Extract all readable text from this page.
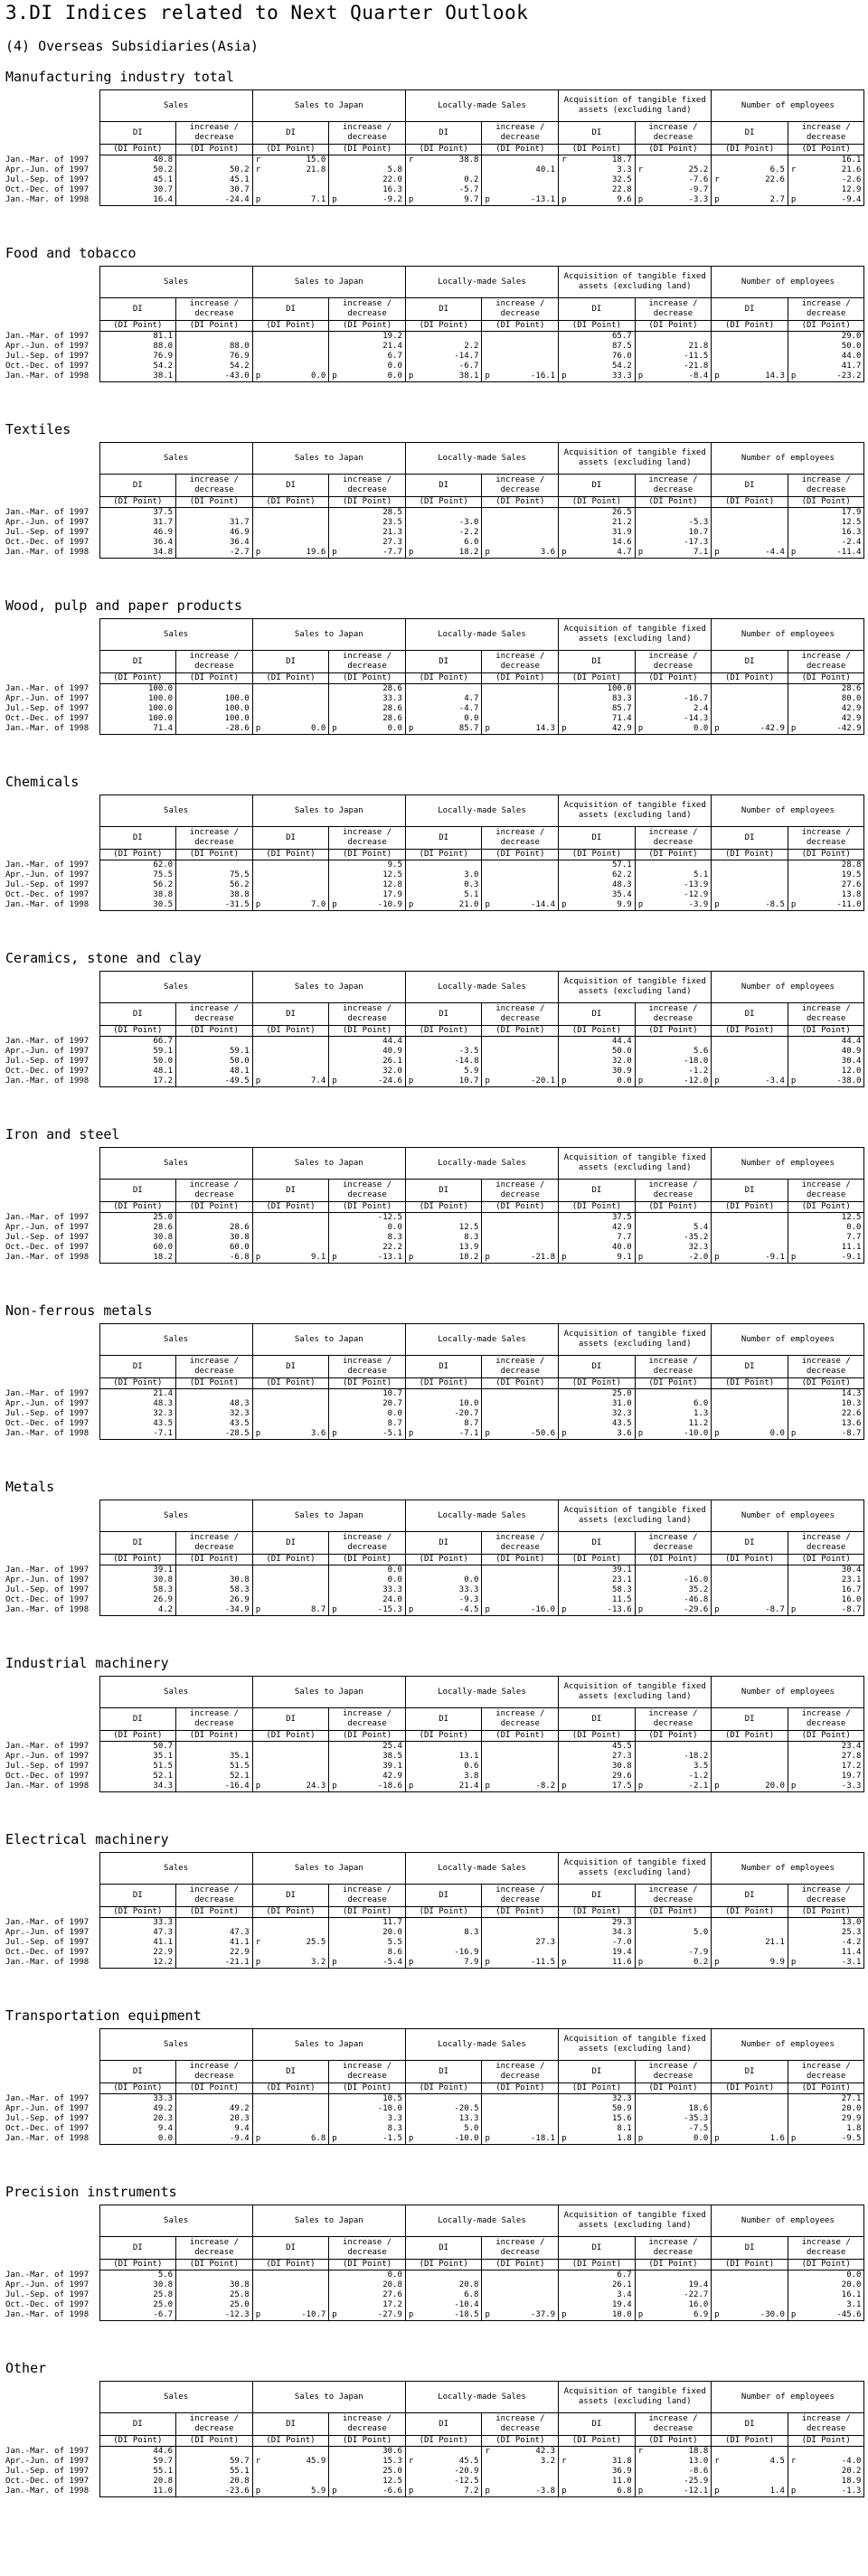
3.DI Indices related to Next Quarter Outlook
(4) Overseas Subsidiaries(Asia)
Manufacturing industry total
	Sales		Sales to Japan		Locally-made Sales		Acquisition of tangible fixed assets (excluding land)		Number of employees	
	DI	increase / decrease	DI	increase / decrease	DI	increase / decrease	DI	increase / decrease	DI	increase / decrease
	(DI Point)	(DI Point)	(DI Point)	(DI Point)	(DI Point)	(DI Point)	(DI Point)	(DI Point)	(DI Point)	(DI Point)
Jan.-Mar. of 1997	40.8		r 15.0		r 38.8		r 18.7			16.1
Apr.-Jun. of 1997	50.2	50.2	r 21.8	5.8		40.1	3.3	r 25.2	6.5	r 21.6
Jul.-Sep. of 1997	45.1	45.1		22.0	0.2		32.5	-7.6	r 22.6	-2.6
Oct.-Dec. of 1997	30.7	30.7		16.3	-5.7		22.8	-9.7		12.9
Jan.-Mar. of 1998	16.4	-24.4	p 7.1	p -9.2	p 9.7	p -13.1	p 9.6	p -3.3	p 2.7	p -9.4
Food and tobacco
	Sales		Sales to Japan		Locally-made Sales		Acquisition of tangible fixed assets (excluding land)		Number of employees	
	DI	increase / decrease	DI	increase / decrease	DI	increase / decrease	DI	increase / decrease	DI	increase / decrease
	(DI Point)	(DI Point)	(DI Point)	(DI Point)	(DI Point)	(DI Point)	(DI Point)	(DI Point)	(DI Point)	(DI Point)
Jan.-Mar. of 1997	81.1			19.2			65.7			29.0
Apr.-Jun. of 1997	88.0	88.0		21.4	2.2		87.5	21.8		50.0
Jul.-Sep. of 1997	76.9	76.9		6.7	-14.7		76.0	-11.5		44.0
Oct.-Dec. of 1997	54.2	54.2		0.0	-6.7		54.2	-21.8		41.7
Jan.-Mar. of 1998	38.1	-43.0	p 0.0	p 0.0	p 38.1	p -16.1	p 33.3	p -8.4	p 14.3	p -23.2
Textiles
	Sales		Sales to Japan		Locally-made Sales		Acquisition of tangible fixed assets (excluding land)		Number of employees	
	DI	increase / decrease	DI	increase / decrease	DI	increase / decrease	DI	increase / decrease	DI	increase / decrease
	(DI Point)	(DI Point)	(DI Point)	(DI Point)	(DI Point)	(DI Point)	(DI Point)	(DI Point)	(DI Point)	(DI Point)
Jan.-Mar. of 1997	37.5			28.5			26.5			17.9
Apr.-Jun. of 1997	31.7	31.7		23.5	-3.0		21.2	-5.3		12.5
Jul.-Sep. of 1997	46.9	46.9		21.3	-2.2		31.9	10.7		16.3
Oct.-Dec. of 1997	36.4	36.4		27.3	6.0		14.6	-17.3		-2.4
Jan.-Mar. of 1998	34.8	-2.7	p 19.6	p -7.7	p 18.2	p 3.6	p 4.7	p 7.1	p -4.4	p -11.4
Wood, pulp and paper products
	Sales		Sales to Japan		Locally-made Sales		Acquisition of tangible fixed assets (excluding land)		Number of employees	
	DI	increase / decrease	DI	increase / decrease	DI	increase / decrease	DI	increase / decrease	DI	increase / decrease
	(DI Point)	(DI Point)	(DI Point)	(DI Point)	(DI Point)	(DI Point)	(DI Point)	(DI Point)	(DI Point)	(DI Point)
Jan.-Mar. of 1997	100.0			28.6			100.0			28.6
Apr.-Jun. of 1997	100.0	100.0		33.3	4.7		83.3	-16.7		80.0
Jul.-Sep. of 1997	100.0	100.0		28.6	-4.7		85.7	2.4		42.9
Oct.-Dec. of 1997	100.0	100.0		28.6	0.0		71.4	-14.3		42.9
Jan.-Mar. of 1998	71.4	-28.6	p 0.0	p 0.0	p 85.7	p 14.3	p 42.9	p 0.0	p -42.9	p -42.9
Chemicals
	Sales		Sales to Japan		Locally-made Sales		Acquisition of tangible fixed assets (excluding land)		Number of employees	
	DI	increase / decrease	DI	increase / decrease	DI	increase / decrease	DI	increase / decrease	DI	increase / decrease
	(DI Point)	(DI Point)	(DI Point)	(DI Point)	(DI Point)	(DI Point)	(DI Point)	(DI Point)	(DI Point)	(DI Point)
Jan.-Mar. of 1997	62.0			9.5			57.1			28.8
Apr.-Jun. of 1997	75.5	75.5		12.5	3.0		62.2	5.1		19.5
Jul.-Sep. of 1997	56.2	56.2		12.8	0.3		48.3	-13.9		27.6
Oct.-Dec. of 1997	38.8	38.8		17.9	5.1		35.4	-12.9		13.8
Jan.-Mar. of 1998	30.5	-31.5	p 7.0	p -10.9	p 21.0	p -14.4	p 9.9	p -3.9	p -8.5	p -11.0
Ceramics, stone and clay
	Sales		Sales to Japan		Locally-made Sales		Acquisition of tangible fixed assets (excluding land)		Number of employees	
	DI	increase / decrease	DI	increase / decrease	DI	increase / decrease	DI	increase / decrease	DI	increase / decrease
	(DI Point)	(DI Point)	(DI Point)	(DI Point)	(DI Point)	(DI Point)	(DI Point)	(DI Point)	(DI Point)	(DI Point)
Jan.-Mar. of 1997	66.7			44.4			44.4			44.4
Apr.-Jun. of 1997	59.1	59.1		40.9	-3.5		50.0	5.6		40.9
Jul.-Sep. of 1997	50.0	50.0		26.1	-14.8		32.0	-18.0		30.4
Oct.-Dec. of 1997	48.1	48.1		32.0	5.9		30.9	-1.2		12.0
Jan.-Mar. of 1998	17.2	-49.5	p 7.4	p -24.6	p 10.7	p -20.1	p 0.0	p -12.0	p -3.4	p -38.0
Iron and steel
	Sales		Sales to Japan		Locally-made Sales		Acquisition of tangible fixed assets (excluding land)		Number of employees	
	DI	increase / decrease	DI	increase / decrease	DI	increase / decrease	DI	increase / decrease	DI	increase / decrease
	(DI Point)	(DI Point)	(DI Point)	(DI Point)	(DI Point)	(DI Point)	(DI Point)	(DI Point)	(DI Point)	(DI Point)
Jan.-Mar. of 1997	25.0			-12.5			37.5			12.5
Apr.-Jun. of 1997	28.6	28.6		0.0	12.5		42.9	5.4		0.0
Jul.-Sep. of 1997	30.8	30.8		8.3	8.3		7.7	-35.2		7.7
Oct.-Dec. of 1997	60.0	60.0		22.2	13.9		40.0	32.3		11.1
Jan.-Mar. of 1998	18.2	-6.8	p 9.1	p -13.1	p 18.2	p -21.8	p 9.1	p -2.0	p -9.1	p -9.1
Non-ferrous metals
	Sales		Sales to Japan		Locally-made Sales		Acquisition of tangible fixed assets (excluding land)		Number of employees	
	DI	increase / decrease	DI	increase / decrease	DI	increase / decrease	DI	increase / decrease	DI	increase / decrease
	(DI Point)	(DI Point)	(DI Point)	(DI Point)	(DI Point)	(DI Point)	(DI Point)	(DI Point)	(DI Point)	(DI Point)
Jan.-Mar. of 1997	21.4			10.7			25.0			14.3
Apr.-Jun. of 1997	48.3	48.3		20.7	10.0		31.0	6.0		10.3
Jul.-Sep. of 1997	32.3	32.3		0.0	-20.7		32.3	1.3		22.6
Oct.-Dec. of 1997	43.5	43.5		8.7	8.7		43.5	11.2		13.6
Jan.-Mar. of 1998	-7.1	-28.5	p 3.6	p -5.1	p -7.1	p -50.6	p 3.6	p -10.0	p 0.0	p -8.7
Metals
	Sales		Sales to Japan		Locally-made Sales		Acquisition of tangible fixed assets (excluding land)		Number of employees	
	DI	increase / decrease	DI	increase / decrease	DI	increase / decrease	DI	increase / decrease	DI	increase / decrease
	(DI Point)	(DI Point)	(DI Point)	(DI Point)	(DI Point)	(DI Point)	(DI Point)	(DI Point)	(DI Point)	(DI Point)
Jan.-Mar. of 1997	39.1			0.0			39.1			30.4
Apr.-Jun. of 1997	30.8	30.8		0.0	0.0		23.1	-16.0		23.1
Jul.-Sep. of 1997	58.3	58.3		33.3	33.3		58.3	35.2		16.7
Oct.-Dec. of 1997	26.9	26.9		24.0	-9.3		11.5	-46.8		16.0
Jan.-Mar. of 1998	4.2	-34.9	p 8.7	p -15.3	p -4.5	p -16.0	p -13.6	p -29.6	p -8.7	p -8.7
Industrial machinery
	Sales		Sales to Japan		Locally-made Sales		Acquisition of tangible fixed assets (excluding land)		Number of employees	
	DI	increase / decrease	DI	increase / decrease	DI	increase / decrease	DI	increase / decrease	DI	increase / decrease
	(DI Point)	(DI Point)	(DI Point)	(DI Point)	(DI Point)	(DI Point)	(DI Point)	(DI Point)	(DI Point)	(DI Point)
Jan.-Mar. of 1997	50.7			25.4			45.5			23.4
Apr.-Jun. of 1997	35.1	35.1		38.5	13.1		27.3	-18.2		27.8
Jul.-Sep. of 1997	51.5	51.5		39.1	0.6		30.8	3.5		17.2
Oct.-Dec. of 1997	52.1	52.1		42.9	3.8		29.6	-1.2		19.7
Jan.-Mar. of 1998	34.3	-16.4	p 24.3	p -18.6	p 21.4	p -8.2	p 17.5	p -2.1	p 20.0	p -3.3
Electrical machinery
	Sales		Sales to Japan		Locally-made Sales		Acquisition of tangible fixed assets (excluding land)		Number of employees	
	DI	increase / decrease	DI	increase / decrease	DI	increase / decrease	DI	increase / decrease	DI	increase / decrease
	(DI Point)	(DI Point)	(DI Point)	(DI Point)	(DI Point)	(DI Point)	(DI Point)	(DI Point)	(DI Point)	(DI Point)
Jan.-Mar. of 1997	33.3			11.7			29.3			13.0
Apr.-Jun. of 1997	47.3	47.3		20.0	8.3		34.3	5.0		25.3
Jul.-Sep. of 1997	41.1	41.1	r 25.5	5.5		27.3	-7.0		21.1	-4.2
Oct.-Dec. of 1997	22.9	22.9		8.6	-16.9		19.4	-7.9		11.4
Jan.-Mar. of 1998	12.2	-21.1	p 3.2	p -5.4	p 7.9	p -11.5	p 11.6	p 0.2	p 9.9	p -3.1
Transportation equipment
	Sales		Sales to Japan		Locally-made Sales		Acquisition of tangible fixed assets (excluding land)		Number of employees	
	DI	increase / decrease	DI	increase / decrease	DI	increase / decrease	DI	increase / decrease	DI	increase / decrease
	(DI Point)	(DI Point)	(DI Point)	(DI Point)	(DI Point)	(DI Point)	(DI Point)	(DI Point)	(DI Point)	(DI Point)
Jan.-Mar. of 1997	33.3			10.5			32.3			27.1
Apr.-Jun. of 1997	49.2	49.2		-10.0	-20.5		50.9	18.6		20.0
Jul.-Sep. of 1997	20.3	20.3		3.3	13.3		15.6	-35.3		29.9
Oct.-Dec. of 1997	9.4	9.4		8.3	5.0		8.1	-7.5		1.8
Jan.-Mar. of 1998	0.0	-9.4	p 6.8	p -1.5	p -10.0	p -18.1	p 1.8	p 0.0	p 1.6	p -9.5
Precision instruments
	Sales		Sales to Japan		Locally-made Sales		Acquisition of tangible fixed assets (excluding land)		Number of employees	
	DI	increase / decrease	DI	increase / decrease	DI	increase / decrease	DI	increase / decrease	DI	increase / decrease
	(DI Point)	(DI Point)	(DI Point)	(DI Point)	(DI Point)	(DI Point)	(DI Point)	(DI Point)	(DI Point)	(DI Point)
Jan.-Mar. of 1997	5.6			0.0			6.7			0.0
Apr.-Jun. of 1997	30.8	30.8		20.8	20.8		26.1	19.4		20.0
Jul.-Sep. of 1997	25.8	25.8		27.6	6.8		3.4	-22.7		16.1
Oct.-Dec. of 1997	25.0	25.0		17.2	-10.4		19.4	16.0		3.1
Jan.-Mar. of 1998	-6.7	-12.3	p -10.7	p -27.9	p -18.5	p -37.9	p 10.0	p 6.9	p -30.0	p -45.6
Other
	Sales		Sales to Japan		Locally-made Sales		Acquisition of tangible fixed assets (excluding land)		Number of employees	
	DI	increase / decrease	DI	increase / decrease	DI	increase / decrease	DI	increase / decrease	DI	increase / decrease
	(DI Point)	(DI Point)	(DI Point)	(DI Point)	(DI Point)	(DI Point)	(DI Point)	(DI Point)	(DI Point)	(DI Point)
Jan.-Mar. of 1997	44.6			30.6		r 42.3		r 18.8		
Apr.-Jun. of 1997	59.7	59.7	r 45.9	15.3	r 45.5	3.2	r 31.8	13.0	r 4.5	r -4.0
Jul.-Sep. of 1997	55.1	55.1		25.0	-20.9		36.9	-8.6		20.2
Oct.-Dec. of 1997	20.8	20.8		12.5	-12.5		11.0	-25.9		18.9
Jan.-Mar. of 1998	11.0	-23.6	p 5.9	p -6.6	p 7.2	p -3.8	p 6.8	p -12.1	p 1.4	p -1.3
